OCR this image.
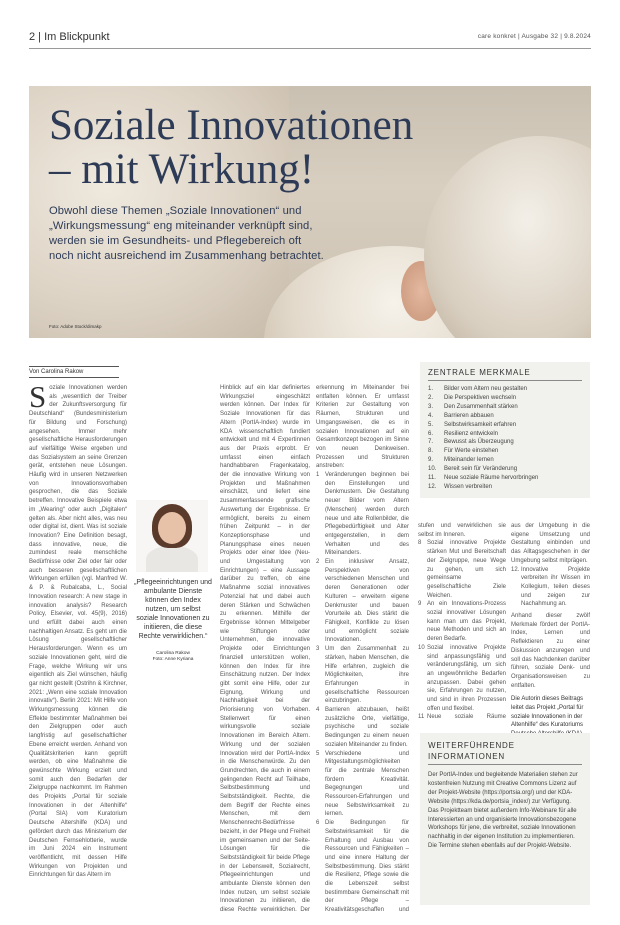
2 | Im Blickpunkt	care konkret | Ausgabe 32 | 9.8.2024
Soziale Innovationen
– mit Wirkung!
Obwohl diese Themen „Soziale Innovationen“ und „Wirkungsmessung“ eng miteinander verknüpft sind, werden sie im Gesundheits- und Pflegebereich oft noch nicht ausreichend im Zusammenhang betrachtet.
Foto: Adobe Stock/dimakp
Von Carolina Rakow
S oziale Innovationen werden als „wesentlich der Treiber der Zukunftsversorgung für Deutschland“ (Bundesministerium für Bildung und Forschung) angesehen. Immer mehr gesellschaftliche Herausforderungen auf vielfältige Weise ergeben und das Sozialsystem an seine Grenzen gerät, entstehen neue Lösungen. Häufig wird in unseren Netzwerken von Innovationsvorhaben gesprochen, die das Soziale betreffen. Innovative Beispiele etwa im „Wearing“ oder auch „Digitalen“ gelten als. Aber nicht alles, was neu oder digital ist, dient. Was ist soziale Innovation? Eine Definition besagt, dass innovative, neue, die zumindest reale menschliche Bedürfnisse oder Ziel oder fair oder auch besseren gesellschaftlichen Wirkungen erfüllen (vgl. Manfred W. & P. & Rubalcaba, L., Social Innovation research: A new stage in innovation analysis? Research Policy, Elsevier, vol. 45(9), 2016) und erfüllt dabei auch einen nachhaltigen Ansatz. Es geht um die Lösung gesellschaftlicher Herausforderungen. Wenn es um soziale Innovationen geht, wird die Frage, welche Wirkung wir uns eigentlich als Ziel wünschen, häufig gar nicht gestellt (Ostrihn & Kirchner, 2021: „Wenn eine soziale Innovation innovativ“). Berlin 2021: Mit Hilfe von Wirkungsmessung können die Effekte bestimmter Maßnahmen bei den Zielgruppen oder auch langfristig auf gesellschaftlicher Ebene erreicht werden. Anhand von Qualitätskriterien kann geprüft werden, ob eine Maßnahme die gewünschte Wirkung erzielt und somit auch den Bedarfen der Zielgruppe nachkommt. Im Rahmen des Projekts „Portal für soziale Innovationen in der Altenhilfe“ (Portal SIA) vom Kuratorium Deutsche Altershilfe (KDA) und gefördert durch das Ministerium der Deutschen Fernsehlotterie, wurde im Juni 2024 ein Instrument veröffentlicht, mit dessen Hilfe Wirkungen von Projekten und Einrichtungen für das Altern im
„Pflegeeinrichtungen und ambulante Dienste können den Index nutzen, um selbst soziale Innovationen zu initiieren, die diese Rechte verwirklichen.“
Carolina Rakow
Foto: Anne Kyriana
Hinblick auf ein klar definiertes Wirkungsziel eingeschätzt werden können. Der Index für Soziale Innovationen für das Altern (PortIA-Index) wurde im KDA wissenschaftlich fundiert entwickelt und mit 4 Expertinnen aus der Praxis erprobt. Er umfasst einen einfach handhabbaren Fragenkatalog, der die innovative Wirkung von Projekten und Maßnahmen einschätzt, und liefert eine zusammenfassende grafische Auswertung der Ergebnisse. Er ermöglicht, bereits zu einem frühen Zeitpunkt – in der Konzeptionsphase und Planungsphase eines neuen Projekts oder einer Idee (Neu- und Umgestaltung von Einrichtungen) – eine Aussage darüber zu treffen, ob eine Maßnahme sozial innovatives Potenzial hat und dabei auch deren Stärken und Schwächen zu erkennen. Mithilfe der Ergebnisse können Mittelgeber wie Stiftungen oder Unternehmen, die innovative Projekte oder Einrichtungen finanziell unterstützen wollen, können den Index für ihre Einschätzung nutzen. Der Index gibt somit eine Hilfe, oder zur Eignung, Wirkung und Nachhaltigkeit bei der Priorisierung von Vorhaben. Stellenwert für einen wirkungsvolle soziale Innovationen im Bereich Altern. Wirkung und der sozialen Innovation wird der PortIA-Index in die Menschenwürde. Zu den Grundrechten, die auch in einem gelingenden Recht auf Teilhabe, Selbstbestimmung und Selbstständigkeit. Rechte, die dem Begriff der Rechte eines Menschen, mit dem Menschenrecht-Bedürfnisse bezieht, in der Pflege und Freiheit im gemeinsamen und der Seite-Lösungen für die Selbstständigkeit für beide Pflege in der Lebenswelt, Sozialrecht, Pflegeeinrichtungen und ambulante Dienste können den Index nutzen, um selbst soziale Innovationen zu initiieren, die diese Rechte verwirklichen. Der
erkennung im Miteinander frei entfalten können. Er umfasst Kriterien zur Gestaltung von Räumen, Strukturen und Umgangsweisen, die es in sozialen Innovationen auf ein Gesamtkonzept bezogen im Sinne von neuen Denkweisen. Prozessen und Strukturen anstreben:
1 Veränderungen beginnen bei den Einstellungen und Denkmustern. Die Gestaltung neuer Bilder vom Altern (Menschen) werden durch neue und alte Rollenbilder, die Pflegebedürftigkeit und Alter entgegenstellen, in dem Verhalten und des Miteinanders.
2 Ein inklusiver Ansatz, Perspektiven von verschiedenen Menschen und deren Generationen oder Kulturen – erweitern eigene Denkmuster und bauen Vorurteile ab. Dies stärkt die Fähigkeit, Konflikte zu lösen und ermöglicht soziale Innovationen.
3 Um den Zusammenhalt zu stärken, haben Menschen, die Hilfe erfahren, zugleich die Möglichkeiten, ihre Erfahrungen in gesellschaftliche Ressourcen einzubringen.
4 Barrieren abzubauen, heißt zusätzliche Orte, vielfältige, psychische und soziale Bedingungen zu einem neuen sozialen Miteinander zu finden.
5 Verschiedene und Mitgestaltungsmöglichkeiten für die zentrale Menschen fördern Kreativität. Begegnungen und Ressourcen-Erfahrungen und neue Selbstwirksamkeit zu lernen.
6 Die Bedingungen für Selbstwirksamkeit für die Erhaltung und Ausbau von Ressourcen und Fähigkeiten – und eine innere Haltung der Selbstbestimmung. Dies stärkt die Resilienz, Pflege sowie die die Lebenszeit selbst bestimmbare Gemeinschaft mit der Pflege – Kreativitätsgeschaffen und
ZENTRALE MERKMALE
1. Bilder vom Altern neu gestalten
2. Die Perspektiven wechseln
3. Den Zusammenhalt stärken
4. Barrieren abbauen
5. Selbstwirksamkeit erfahren
6. Resilienz entwickeln
7. Bewusst als Überzeugung
8. Für Werte einstehen
9. Miteinander lernen
10. Bereit sein für Veränderung
11. Neue soziale Räume hervorbringen
12. Wissen verbreiten
stufen und verwirklichen sie selbst im Inneren.
8 Sozial innovative Projekte stärken Mut und Bereitschaft der Zielgruppe, neue Wege zu gehen, um sich gemeinsame gesellschaftliche Ziele Weichen.
9 An ein Innovations-Prozess sozial innovativer Lösungen kann man um das Projekt, neue Methoden und sich an deren Bedarfe.
10 Sozial innovative Projekte sind anpassungsfähig und veränderungsfähig, um sich an ungewöhnliche Bedarfen anzupassen. Dabei gehen sie, Erfahrungen zu nutzen, und sind in ihren Prozessen offen und flexibel.
11 Neue soziale Räume
aus der Umgebung in die eigene Umsetzung und Gestaltung einbinden und das Alltagsgeschehen in der Umgebung selbst mitprägen.
12. Innovative Projekte verbreiten ihr Wissen im Kollegium, teilen dieses und zeigen zur Nachahmung an.
Anhand dieser zwölf Merkmale fördert der PortIA-Index, Lernen und Reflektieren zu einer Diskussion anzuregen und soll das Nachdenken darüber führen, soziale Denk- und Organisationsweisen zu entfalten.
Die Autorin dieses Beitrags leitet das Projekt „Portal für soziale Innovationen in der Altenhilfe“ des Kuratoriums
WEITERFÜHRENDE
INFORMATIONEN
Der PortIA-Index und begleitende Materialien stehen zur kostenfreien Nutzung mit Creative Commons Lizenz auf der Projekt-Website (https://portsia.org/) und der KDA-Website (https://kda.de/portsia_index/) zur Verfügung. Das Projektteam bietet außerdem Info-Webinare für alle Interessierten an und organisierte Innovationsbezogene Workshops für jene, die verbreitet, soziale Innovationen nachhaltig in der eigenen Institution zu implementieren. Die Termine stehen ebenfalls auf der Projekt-Website.
